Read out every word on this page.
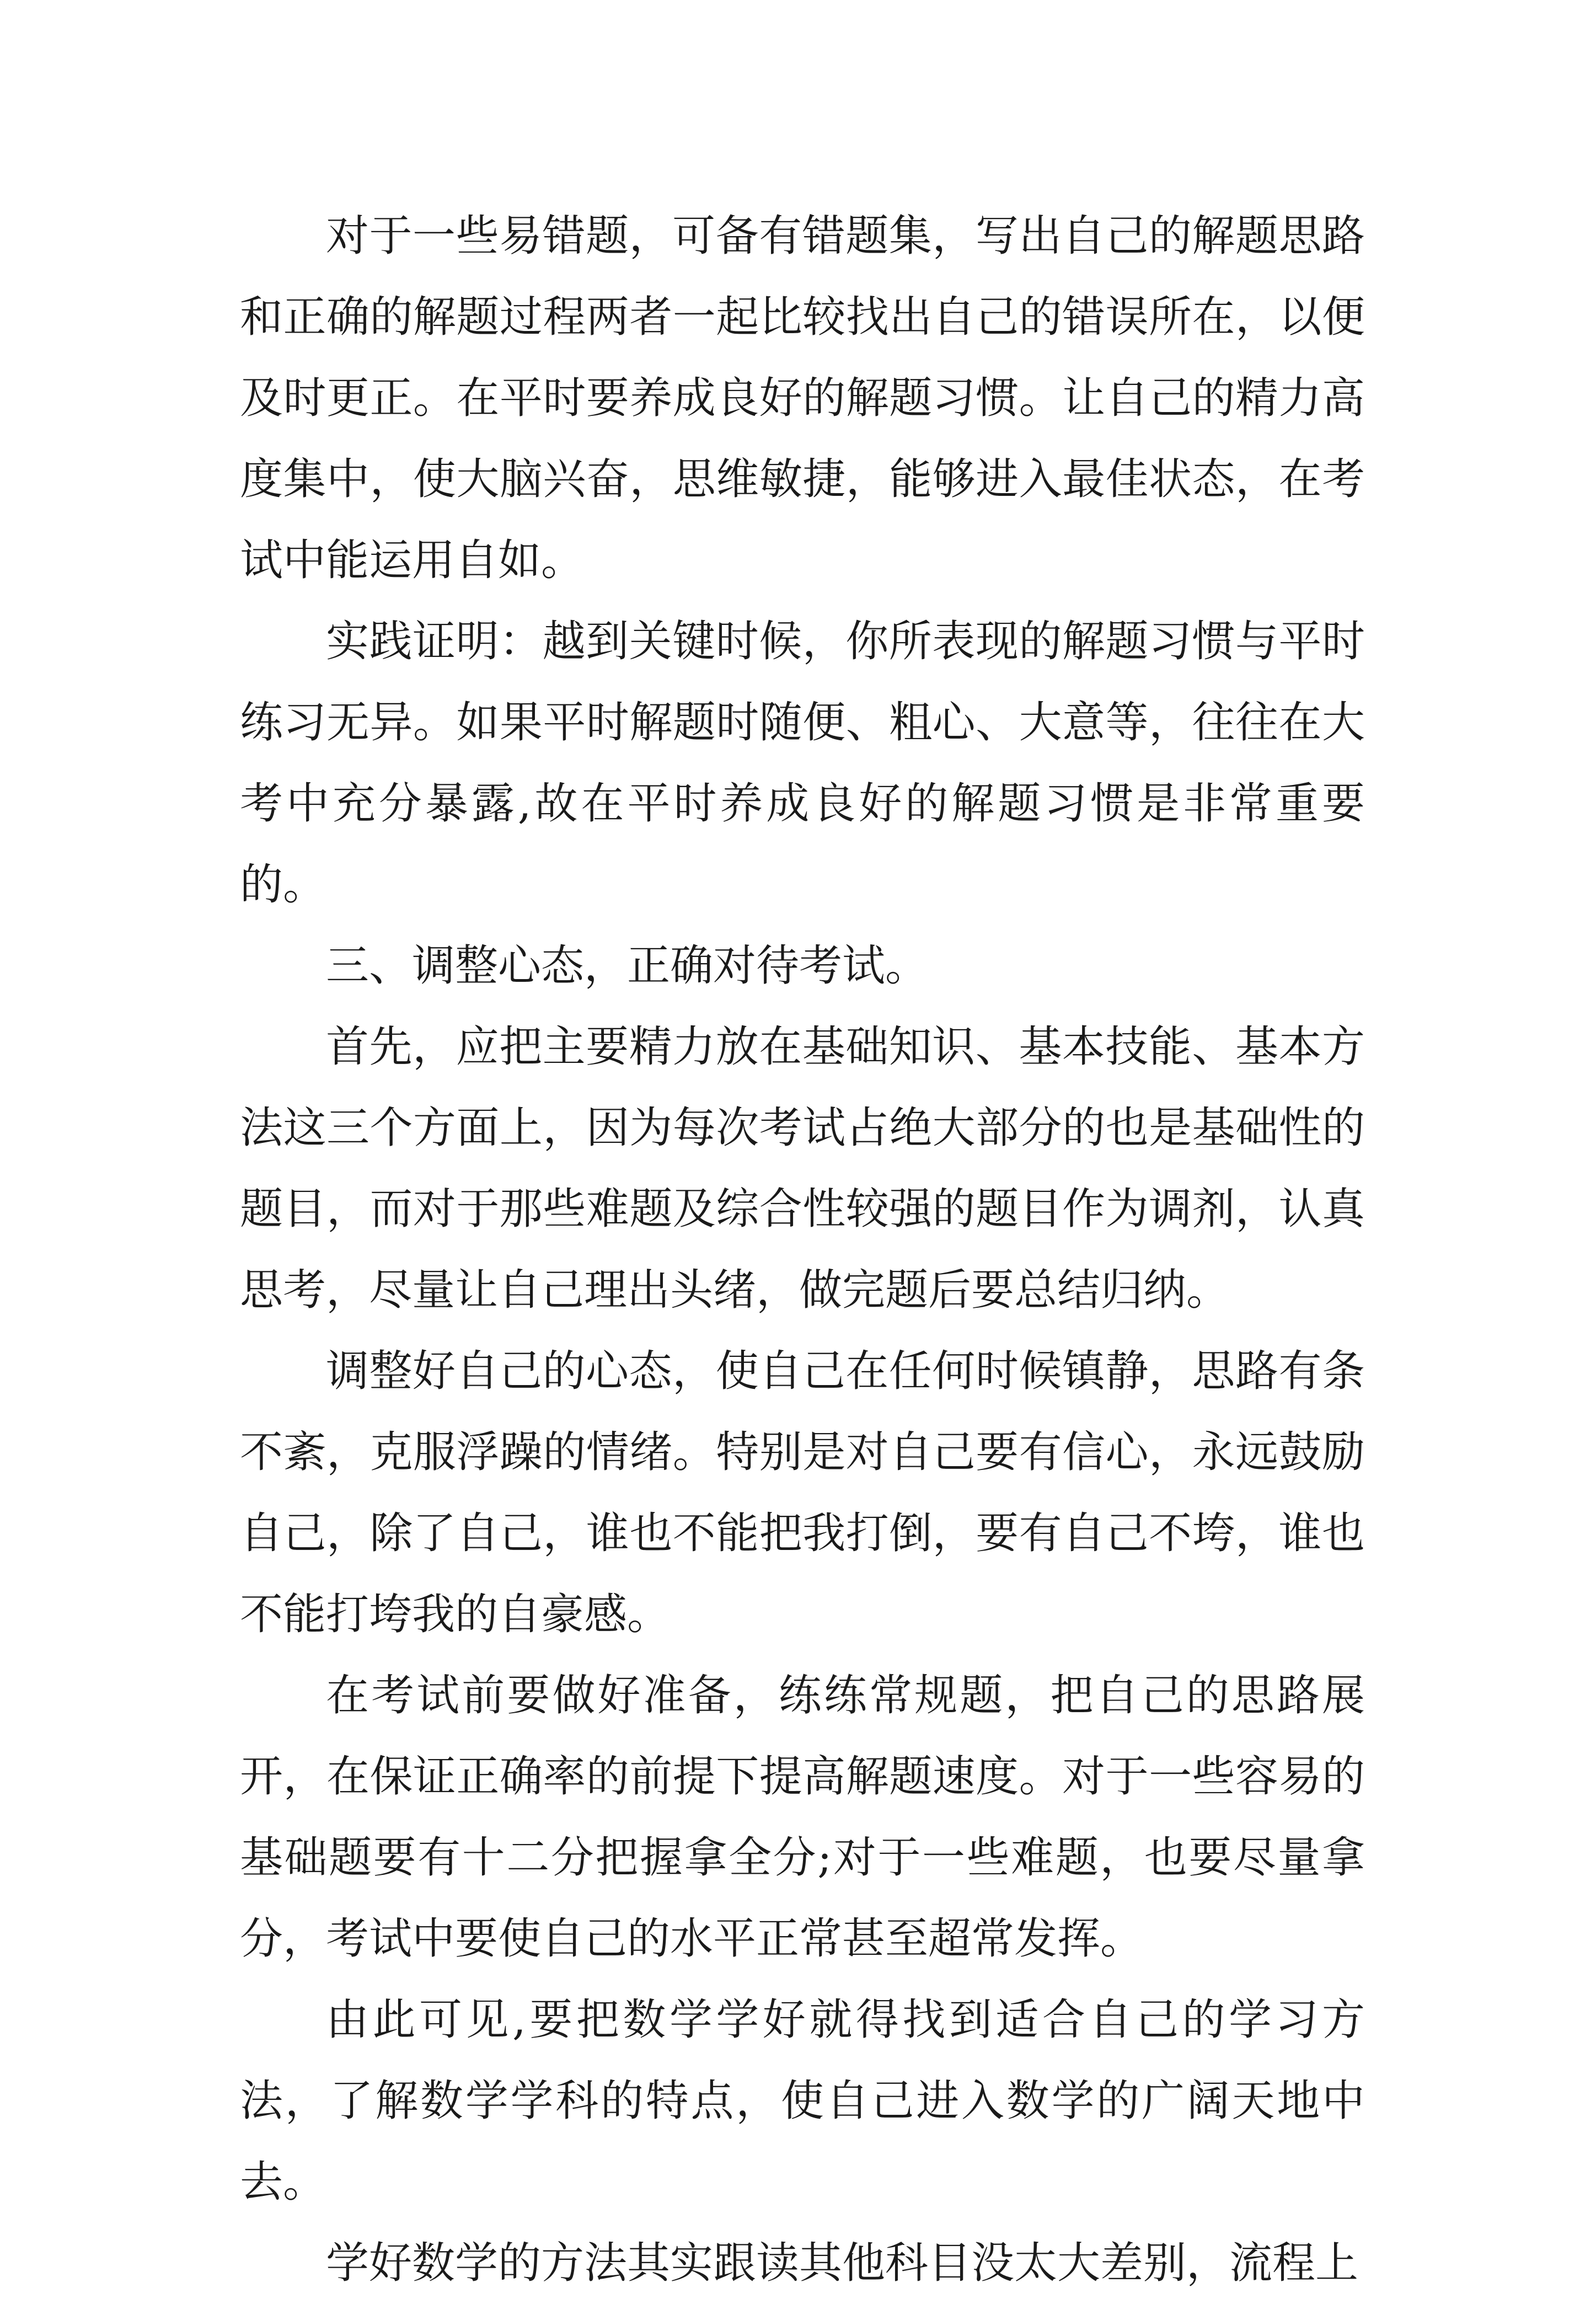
对于一些易错题，可备有错题集，写出自己的解题思路和正确的解题过程两者一起比较找出自己的错误所在，以便及时更正。在平时要养成良好的解题习惯。让自己的精力高度集中，使大脑兴奋，思维敏捷，能够进入最佳状态，在考试中能运用自如。

实践证明：越到关键时候，你所表现的解题习惯与平时练习无异。如果平时解题时随便、粗心、大意等，往往在大考中充分暴露,故在平时养成良好的解题习惯是非常重要的。

三、调整心态，正确对待考试。

首先，应把主要精力放在基础知识、基本技能、基本方法这三个方面上，因为每次考试占绝大部分的也是基础性的题目，而对于那些难题及综合性较强的题目作为调剂，认真思考，尽量让自己理出头绪，做完题后要总结归纳。

调整好自己的心态，使自己在任何时候镇静，思路有条不紊，克服浮躁的情绪。特别是对自己要有信心，永远鼓励自己，除了自己，谁也不能把我打倒，要有自己不垮，谁也不能打垮我的自豪感。

在考试前要做好准备，练练常规题，把自己的思路展开，在保证正确率的前提下提高解题速度。对于一些容易的基础题要有十二分把握拿全分;对于一些难题，也要尽量拿分，考试中要使自己的水平正常甚至超常发挥。

由此可见,要把数学学好就得找到适合自己的学习方法，了解数学学科的特点，使自己进入数学的广阔天地中去。

学好数学的方法其实跟读其他科目没太大差别，流程上
